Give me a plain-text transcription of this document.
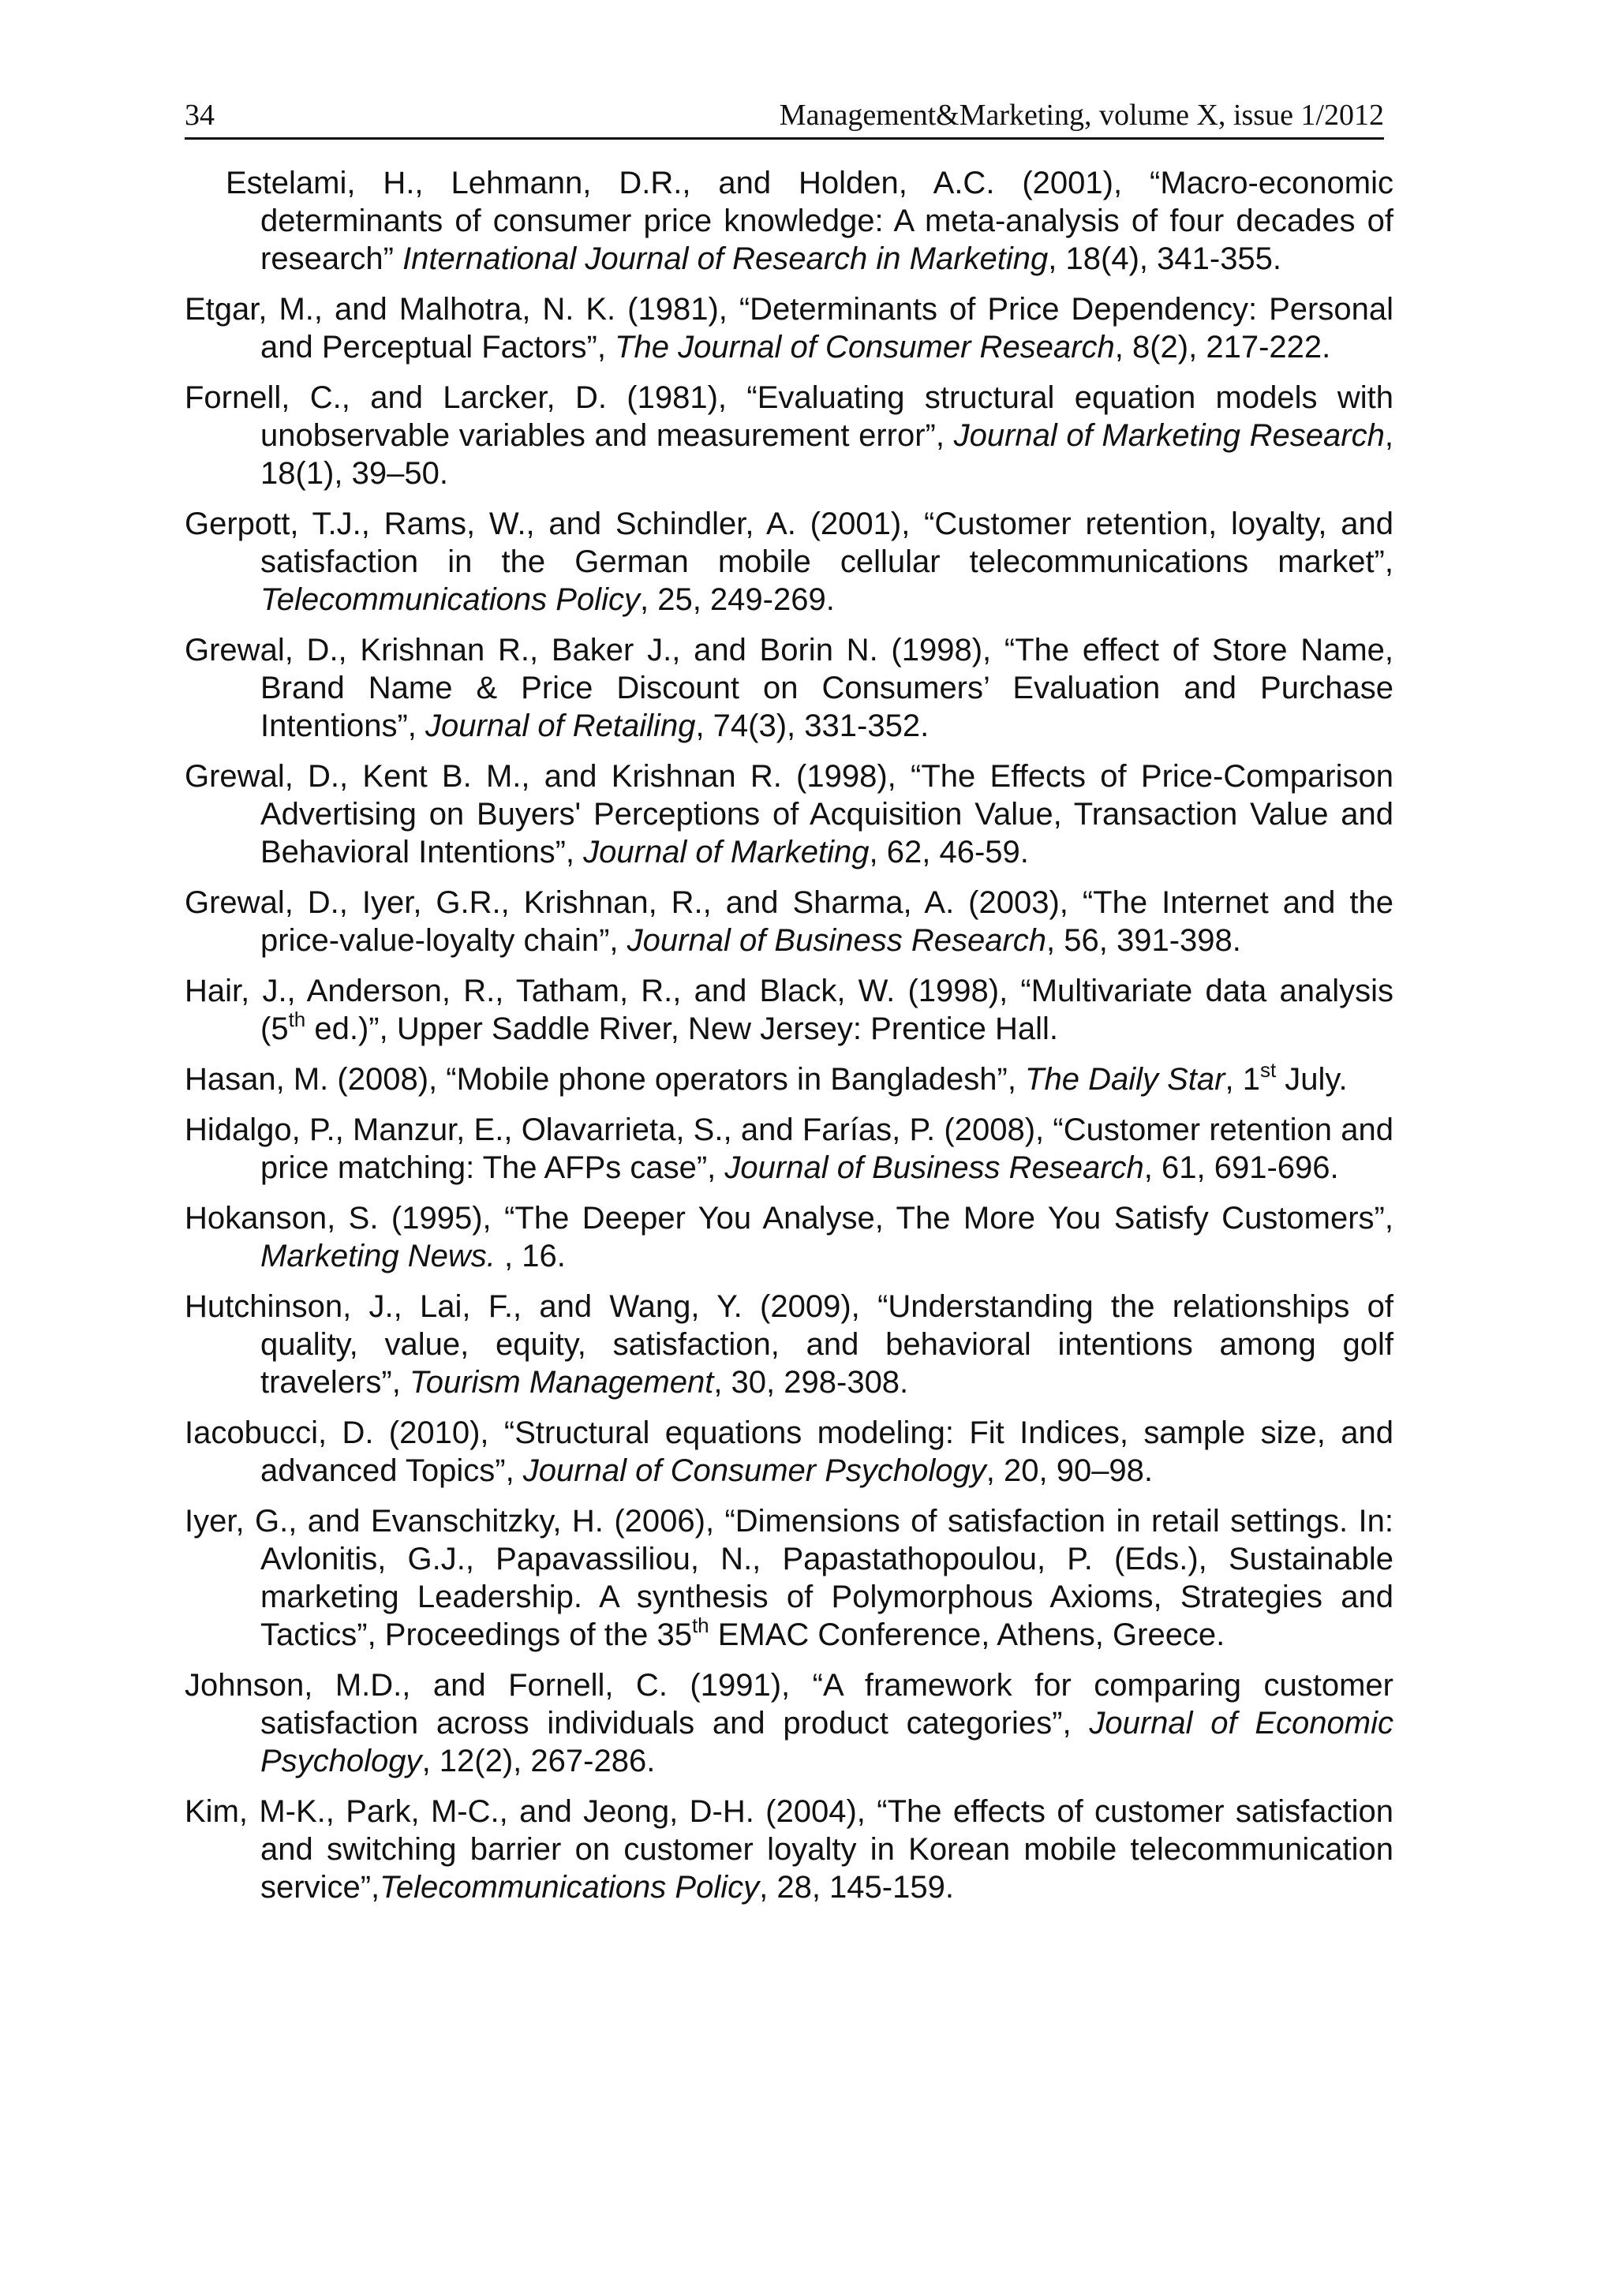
34	Management&Marketing, volume X, issue 1/2012
Estelami, H., Lehmann, D.R., and Holden, A.C. (2001), “Macro-economic determinants of consumer price knowledge: A meta-analysis of four decades of research” International Journal of Research in Marketing, 18(4), 341-355.
Etgar, M., and Malhotra, N. K. (1981), “Determinants of Price Dependency: Personal and Perceptual Factors”, The Journal of Consumer Research, 8(2), 217-222.
Fornell, C., and Larcker, D. (1981), “Evaluating structural equation models with unobservable variables and measurement error”, Journal of Marketing Research, 18(1), 39–50.
Gerpott, T.J., Rams, W., and Schindler, A. (2001), “Customer retention, loyalty, and satisfaction in the German mobile cellular telecommunications market”, Telecommunications Policy, 25, 249-269.
Grewal, D., Krishnan R., Baker J., and Borin N. (1998), “The effect of Store Name, Brand Name & Price Discount on Consumers’ Evaluation and Purchase Intentions”, Journal of Retailing, 74(3), 331-352.
Grewal, D., Kent B. M., and Krishnan R. (1998), “The Effects of Price-Comparison Advertising on Buyers' Perceptions of Acquisition Value, Transaction Value and Behavioral Intentions”, Journal of Marketing, 62, 46-59.
Grewal, D., Iyer, G.R., Krishnan, R., and Sharma, A. (2003), “The Internet and the price-value-loyalty chain”, Journal of Business Research, 56, 391-398.
Hair, J., Anderson, R., Tatham, R., and Black, W. (1998), “Multivariate data analysis (5th ed.)”, Upper Saddle River, New Jersey: Prentice Hall.
Hasan, M. (2008), “Mobile phone operators in Bangladesh”, The Daily Star, 1st July.
Hidalgo, P., Manzur, E., Olavarrieta, S., and Farías, P. (2008), “Customer retention and price matching: The AFPs case”, Journal of Business Research, 61, 691-696.
Hokanson, S. (1995), “The Deeper You Analyse, The More You Satisfy Customers”, Marketing News. , 16.
Hutchinson, J., Lai, F., and Wang, Y. (2009), “Understanding the relationships of quality, value, equity, satisfaction, and behavioral intentions among golf travelers”, Tourism Management, 30, 298-308.
Iacobucci, D. (2010), “Structural equations modeling: Fit Indices, sample size, and advanced Topics”, Journal of Consumer Psychology, 20, 90–98.
Iyer, G., and Evanschitzky, H. (2006), “Dimensions of satisfaction in retail settings. In: Avlonitis, G.J., Papavassiliou, N., Papastathopoulou, P. (Eds.), Sustainable marketing Leadership. A synthesis of Polymorphous Axioms, Strategies and Tactics”, Proceedings of the 35th EMAC Conference, Athens, Greece.
Johnson, M.D., and Fornell, C. (1991), “A framework for comparing customer satisfaction across individuals and product categories”, Journal of Economic Psychology, 12(2), 267-286.
Kim, M-K., Park, M-C., and Jeong, D-H. (2004), “The effects of customer satisfaction and switching barrier on customer loyalty in Korean mobile telecommunication service”,Telecommunications Policy, 28, 145-159.
